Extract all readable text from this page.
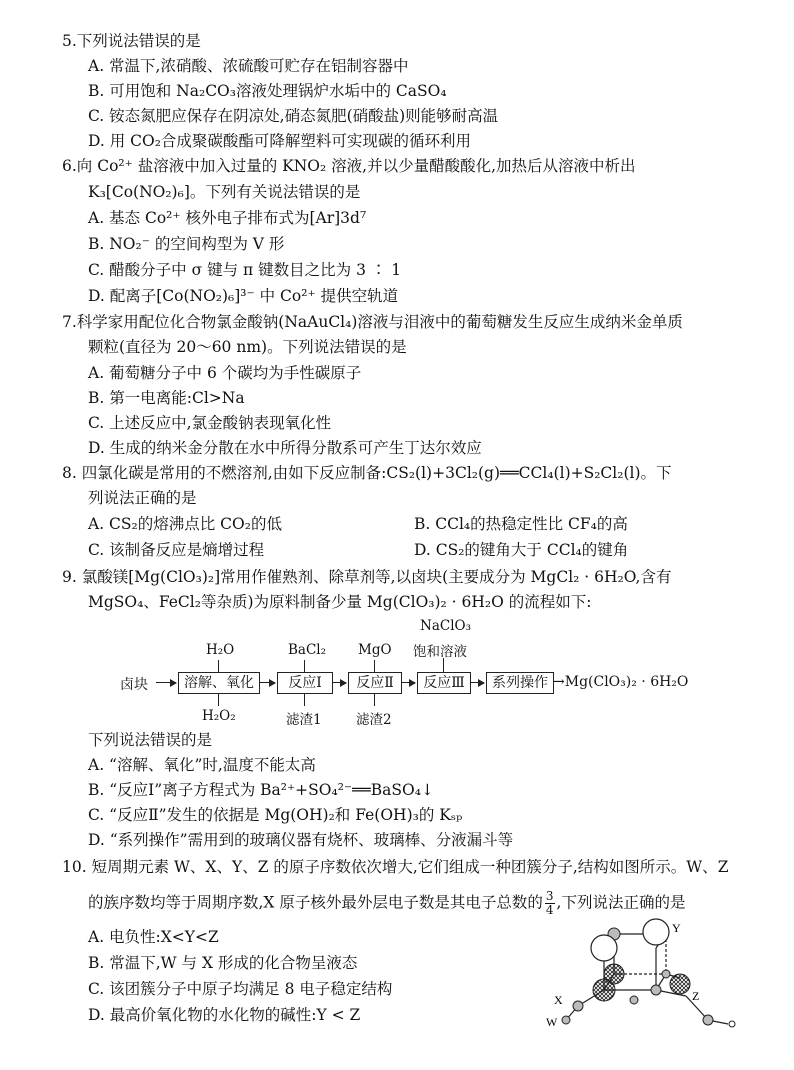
5.下列说法错误的是
A. 常温下,浓硝酸、浓硫酸可贮存在铝制容器中
B. 可用饱和 Na₂CO₃溶液处理锅炉水垢中的 CaSO₄
C. 铵态氮肥应保存在阴凉处,硝态氮肥(硝酸盐)则能够耐高温
D. 用 CO₂合成聚碳酸酯可降解塑料可实现碳的循环利用
6.向 Co²⁺ 盐溶液中加入过量的 KNO₂ 溶液,并以少量醋酸酸化,加热后从溶液中析出
K₃[Co(NO₂)₆]。下列有关说法错误的是
A. 基态 Co²⁺ 核外电子排布式为[Ar]3d⁷
B. NO₂⁻ 的空间构型为 V 形
C. 醋酸分子中 σ 键与 π 键数目之比为 3 ∶ 1
D. 配离子[Co(NO₂)₆]³⁻ 中 Co²⁺ 提供空轨道
7.科学家用配位化合物氯金酸钠(NaAuCl₄)溶液与泪液中的葡萄糖发生反应生成纳米金单质
颗粒(直径为 20～60 nm)。下列说法错误的是
A. 葡萄糖分子中 6 个碳均为手性碳原子
B. 第一电离能:Cl>Na
C. 上述反应中,氯金酸钠表现氧化性
D. 生成的纳米金分散在水中所得分散系可产生丁达尔效应
8. 四氯化碳是常用的不燃溶剂,由如下反应制备:CS₂(l)+3Cl₂(g)══CCl₄(l)+S₂Cl₂(l)。下
列说法正确的是
A. CS₂的熔沸点比 CO₂的低	B. CCl₄的热稳定性比 CF₄的高
C. 该制备反应是熵增过程	D. CS₂的键角大于 CCl₄的键角
9. 氯酸镁[Mg(ClO₃)₂]常用作催熟剂、除草剂等,以卤块(主要成分为 MgCl₂ · 6H₂O,含有
MgSO₄、FeCl₂等杂质)为原料制备少量 Mg(ClO₃)₂ · 6H₂O 的流程如下:
NaClO₃
饱和溶液
H₂O	BaCl₂ MgO
卤块	溶解、氧化	反应Ⅰ	反应Ⅱ	反应Ⅲ	系列操作 →Mg(ClO₃)₂ · 6H₂O
H₂O₂	滤渣1	滤渣2
下列说法错误的是
A. “溶解、氧化”时,温度不能太高
B. “反应Ⅰ”离子方程式为 Ba²⁺+SO₄²⁻══BaSO₄↓
C. “反应Ⅱ”发生的依据是 Mg(OH)₂和 Fe(OH)₃的 Kₛₚ
D. “系列操作”需用到的玻璃仪器有烧杯、玻璃棒、分液漏斗等
10. 短周期元素 W、X、Y、Z 的原子序数依次增大,它们组成一种团簇分子,结构如图所示。W、Z
的族序数均等于周期序数,X 原子核外最外层电子数是其电子总数的 $\frac{3}{4}$ ,下列说法正确的是
A. 电负性:X<Y<Z
B. 常温下,W 与 X 形成的化合物呈液态
C. 该团簇分子中原子均满足 8 电子稳定结构
D. 最高价氧化物的水化物的碱性:Y < Z
Y
X	Z
W
